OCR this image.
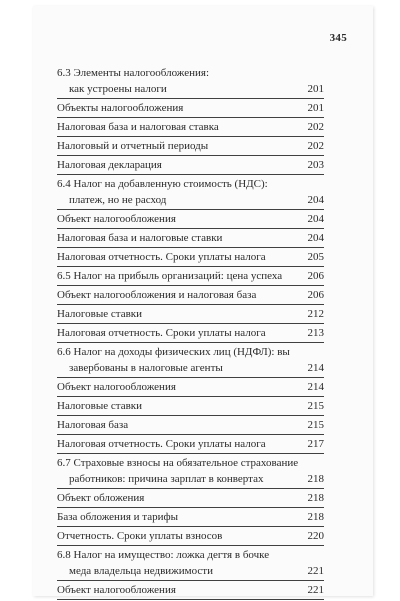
345
6.3 Элементы налогообложения:
как устроены налоги	201
Объекты налогообложения	201
Налоговая база и налоговая ставка	202
Налоговый и отчетный периоды	202
Налоговая декларация	203
6.4 Налог на добавленную стоимость (НДС):
платеж, но не расход	204
Объект налогообложения	204
Налоговая база и налоговые ставки	204
Налоговая отчетность. Сроки уплаты налога	205
6.5 Налог на прибыль организаций: цена успеха	206
Объект налогообложения и налоговая база	206
Налоговые ставки	212
Налоговая отчетность. Сроки уплаты налога	213
6.6 Налог на доходы физических лиц (НДФЛ): вы
завербованы в налоговые агенты	214
Объект налогообложения	214
Налоговые ставки	215
Налоговая база	215
Налоговая отчетность. Сроки уплаты налога	217
6.7 Страховые взносы на обязательное страхование
работников: причина зарплат в конвертах	218
Объект обложения	218
База обложения и тарифы	218
Отчетность. Сроки уплаты взносов	220
6.8 Налог на имущество: ложка дегтя в бочке
меда владельца недвижимости	221
Объект налогообложения	221
